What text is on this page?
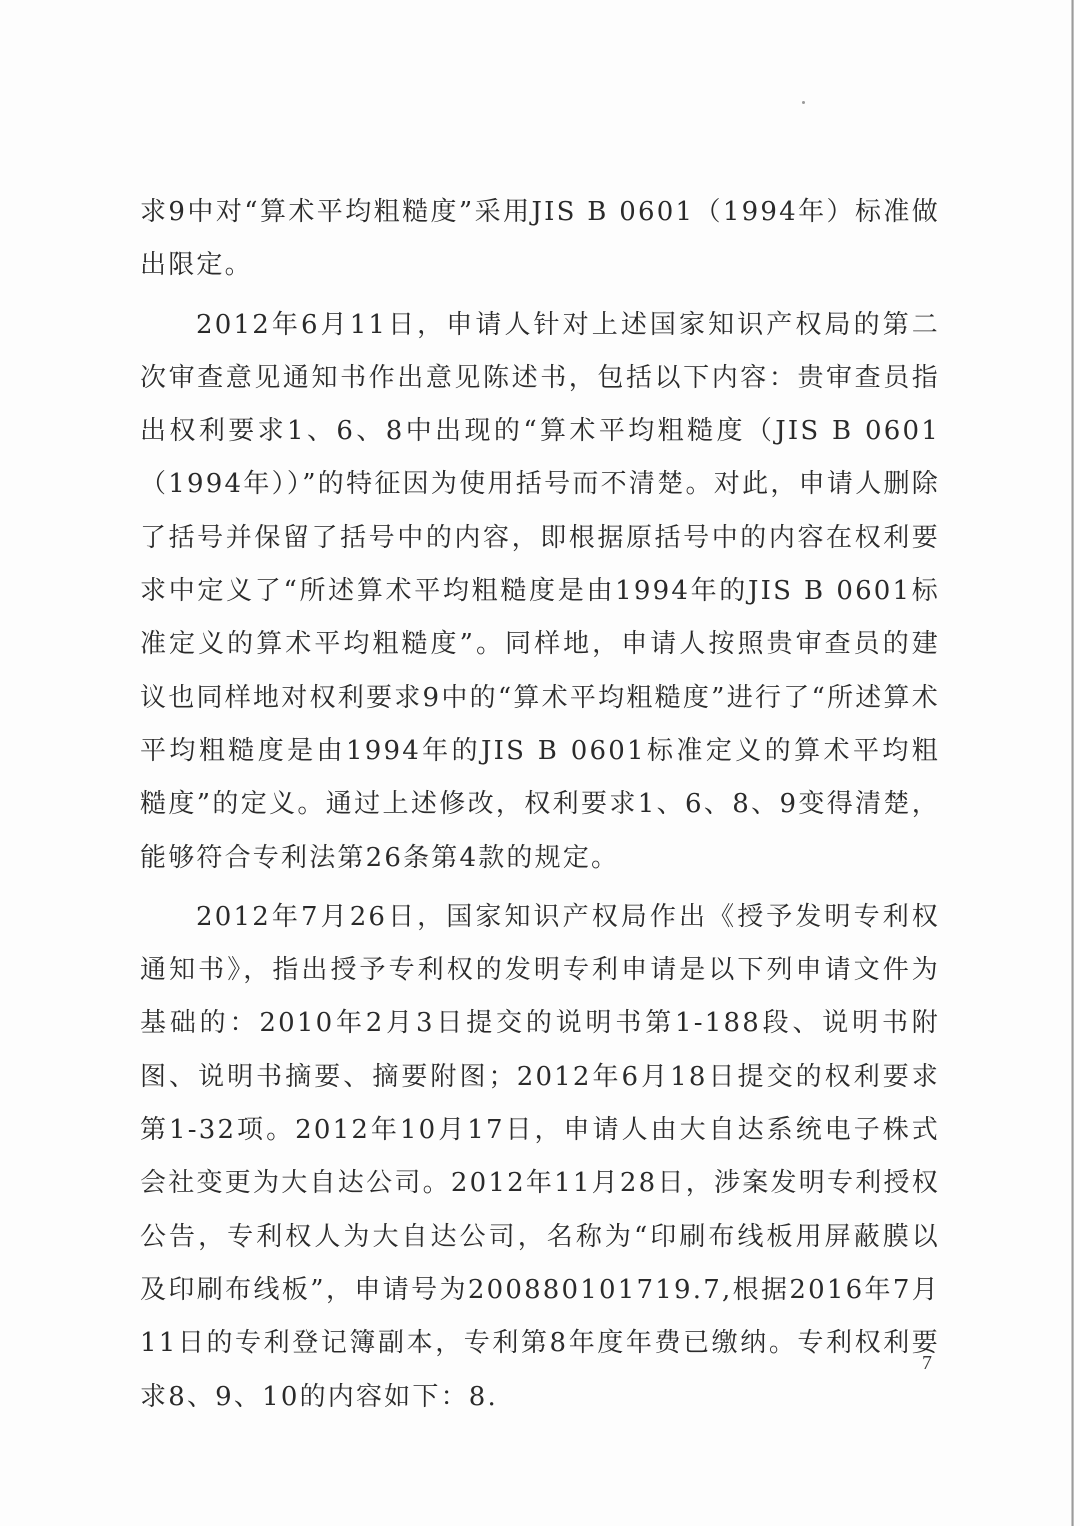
求9中对“算术平均粗糙度”采用JIS B 0601（1994年）标准做出限定。

2012年6月11日，申请人针对上述国家知识产权局的第二次审查意见通知书作出意见陈述书，包括以下内容：贵审查员指出权利要求1、6、8中出现的“算术平均粗糙度（JIS B 0601（1994年））”的特征因为使用括号而不清楚。对此，申请人删除了括号并保留了括号中的内容，即根据原括号中的内容在权利要求中定义了“所述算术平均粗糙度是由1994年的JIS B 0601标准定义的算术平均粗糙度”。同样地，申请人按照贵审查员的建议也同样地对权利要求9中的“算术平均粗糙度”进行了“所述算术平均粗糙度是由1994年的JIS B 0601标准定义的算术平均粗糙度”的定义。通过上述修改，权利要求1、6、8、9变得清楚，能够符合专利法第26条第4款的规定。

2012年7月26日，国家知识产权局作出《授予发明专利权通知书》，指出授予专利权的发明专利申请是以下列申请文件为基础的：2010年2月3日提交的说明书第1-188段、说明书附图、说明书摘要、摘要附图；2012年6月18日提交的权利要求第1-32项。2012年10月17日，申请人由大自达系统电子株式会社变更为大自达公司。2012年11月28日，涉案发明专利授权公告，专利权人为大自达公司，名称为“印刷布线板用屏蔽膜以及印刷布线板”，申请号为200880101719.7,根据2016年7月11日的专利登记簿副本，专利第8年度年费已缴纳。专利权利要求8、9、10的内容如下：8.

7
